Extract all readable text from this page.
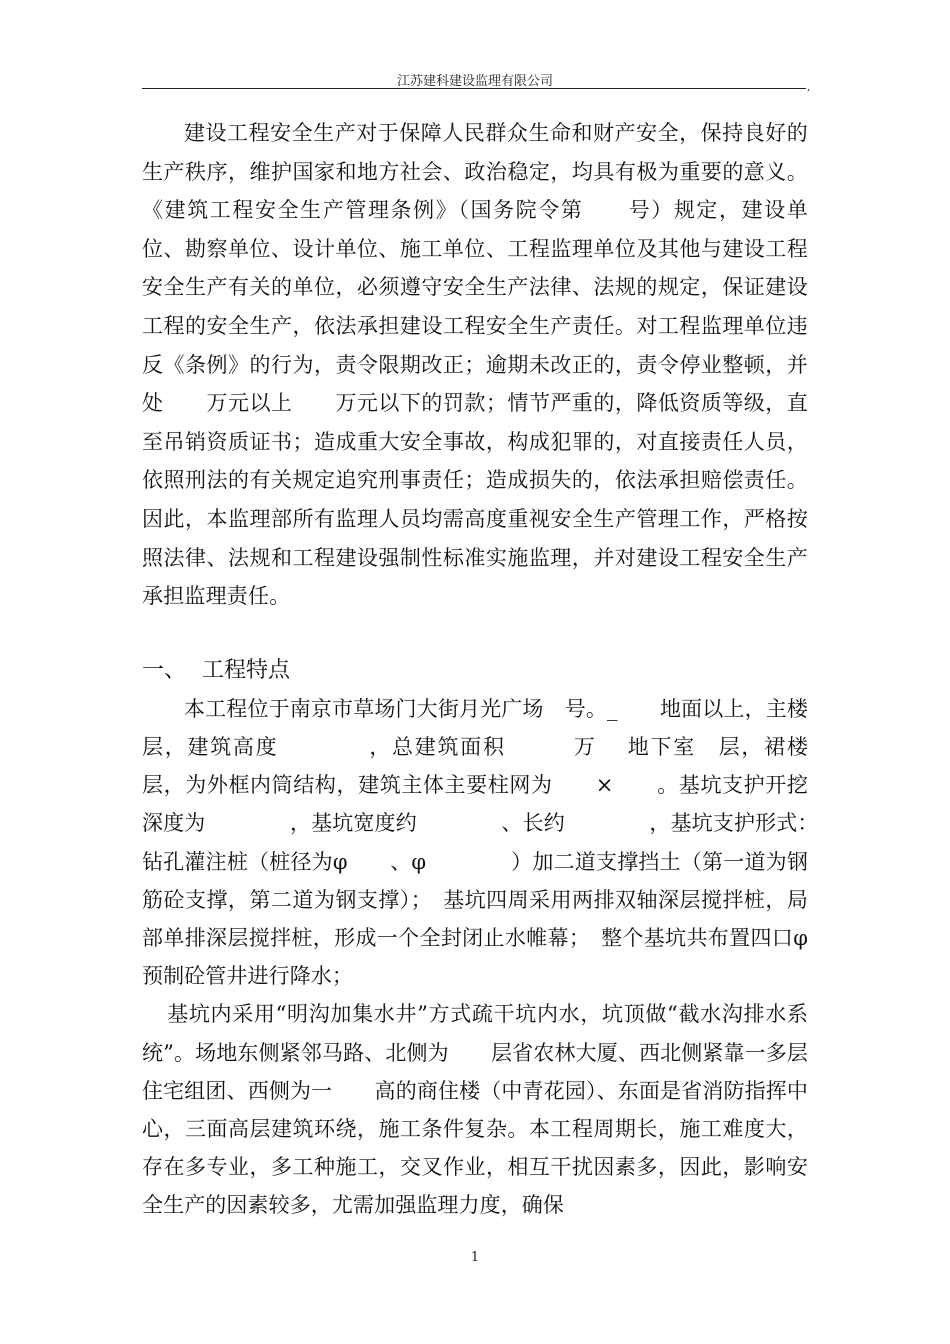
江苏建科建设监理有限公司	,

建设工程安全生产对于保障人民群众生命和财产安全，保持良好的生产秩序，维护国家和地方社会、政治稳定，均具有极为重要的意义。《建筑工程安全生产管理条例》（国务院令第　　号）规定，建设单位、勘察单位、设计单位、施工单位、工程监理单位及其他与建设工程安全生产有关的单位，必须遵守安全生产法律、法规的规定，保证建设工程的安全生产，依法承担建设工程安全生产责任。对工程监理单位违反《条例》的行为，责令限期改正；逾期未改正的，责令停业整顿，并处　　万元以上　　万元以下的罚款；情节严重的，降低资质等级，直至吊销资质证书；造成重大安全事故，构成犯罪的，对直接责任人员，依照刑法的有关规定追究刑事责任；造成损失的，依法承担赔偿责任。因此，本监理部所有监理人员均需高度重视安全生产管理工作，严格按照法律、法规和工程建设强制性标准实施监理，并对建设工程安全生产承担监理责任。

一、 工程特点

本工程位于南京市草场门大街月光广场　号。_　　地面以上，主楼　　层，建筑高度　　　　，总建筑面积　　　万　 地下室　层，裙楼　　层，为外框内筒结构，建筑主体主要柱网为　　×　　。基坑支护开挖深度为　　　　，基坑宽度约　　　　、长约　　　　，基坑支护形式：　钻孔灌注桩（桩径为φ　　、φ　　　　）加二道支撑挡土（第一道为钢筋砼支撑，第二道为钢支撑）；　基坑四周采用两排双轴深层搅拌桩，局部单排深层搅拌桩，形成一个全封闭止水帷幕；　整个基坑共布置四口φ　　　预制砼管井进行降水；

基坑内采用“明沟加集水井”方式疏干坑内水，坑顶做“截水沟排水系统”。场地东侧紧邻马路、北侧为　　层省农林大厦、西北侧紧靠一多层住宅组团、西侧为一　　高的商住楼（中青花园）、东面是省消防指挥中心，三面高层建筑环绕，施工条件复杂。本工程周期长，施工难度大，存在多专业，多工种施工，交叉作业，相互干扰因素多，因此，影响安全生产的因素较多，尤需加强监理力度，确保

1
